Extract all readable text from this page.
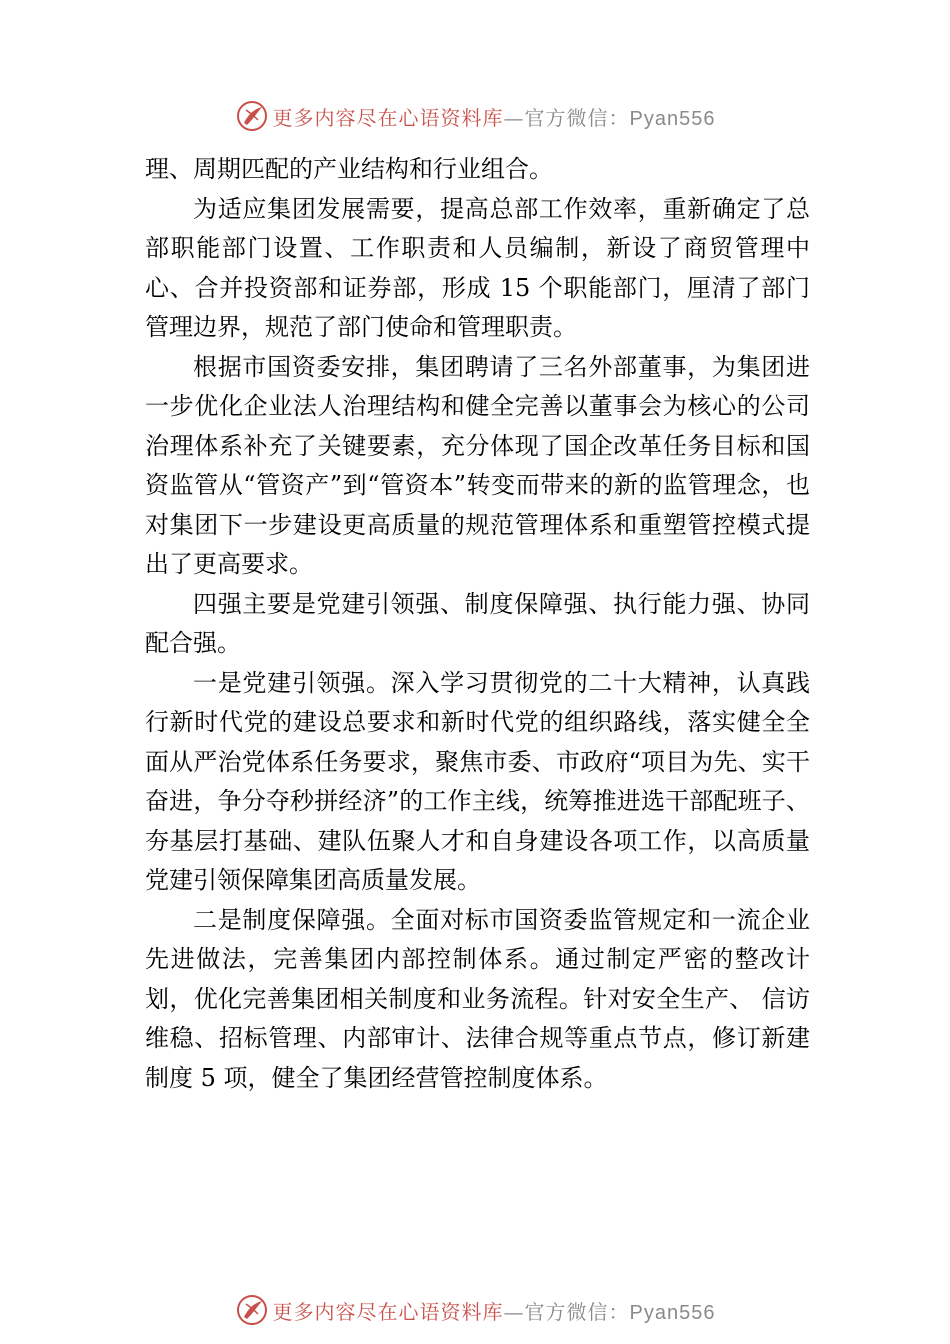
更多内容尽在心语资料库—官方微信：Pyan556

理、周期匹配的产业结构和行业组合。

为适应集团发展需要，提高总部工作效率，重新确定了总部职能部门设置、工作职责和人员编制，新设了商贸管理中心、合并投资部和证券部，形成 15 个职能部门，厘清了部门管理边界，规范了部门使命和管理职责。

根据市国资委安排，集团聘请了三名外部董事，为集团进一步优化企业法人治理结构和健全完善以董事会为核心的公司治理体系补充了关键要素，充分体现了国企改革任务目标和国资监管从“管资产”到“管资本”转变而带来的新的监管理念，也对集团下一步建设更高质量的规范管理体系和重塑管控模式提出了更高要求。

四强主要是党建引领强、制度保障强、执行能力强、协同配合强。

一是党建引领强。深入学习贯彻党的二十大精神，认真践行新时代党的建设总要求和新时代党的组织路线，落实健全全面从严治党体系任务要求，聚焦市委、市政府“项目为先、实干奋进，争分夺秒拼经济”的工作主线，统筹推进选干部配班子、夯基层打基础、建队伍聚人才和自身建设各项工作，以高质量党建引领保障集团高质量发展。

二是制度保障强。全面对标市国资委监管规定和一流企业先进做法，完善集团内部控制体系。通过制定严密的整改计划，优化完善集团相关制度和业务流程。针对安全生产、 信访维稳、招标管理、内部审计、法律合规等重点节点，修订新建制度 5 项，健全了集团经营管控制度体系。

更多内容尽在心语资料库—官方微信：Pyan556
